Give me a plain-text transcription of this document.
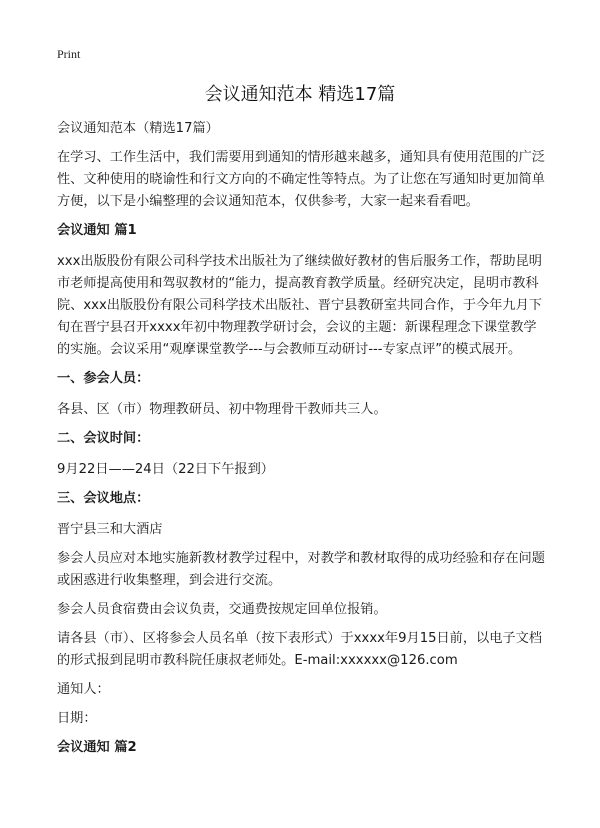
Print
会议通知范本 精选17篇

会议通知范本（精选17篇）

在学习、工作生活中，我们需要用到通知的情形越来越多，通知具有使用范围的广泛性、文种使用的晓谕性和行文方向的不确定性等特点。为了让您在写通知时更加简单方便，以下是小编整理的会议通知范本，仅供参考，大家一起来看看吧。

会议通知 篇1

xxx出版股份有限公司科学技术出版社为了继续做好教材的售后服务工作，帮助昆明市老师提高使用和驾驭教材的“能力，提高教育教学质量。经研究决定，昆明市教科院、xxx出版股份有限公司科学技术出版社、晋宁县教研室共同合作，于今年九月下旬在晋宁县召开xxxx年初中物理教学研讨会，会议的主题：新课程理念下课堂教学的实施。会议采用“观摩课堂教学---与会教师互动研讨---专家点评”的模式展开。

一、参会人员：

各县、区（市）物理教研员、初中物理骨干教师共三人。

二、会议时间：

9月22日——24日（22日下午报到）

三、会议地点：

晋宁县三和大酒店

参会人员应对本地实施新教材教学过程中，对教学和教材取得的成功经验和存在问题或困惑进行收集整理，到会进行交流。

参会人员食宿费由会议负责，交通费按规定回单位报销。

请各县（市）、区将参会人员名单（按下表形式）于xxxx年9月15日前，以电子文档的形式报到昆明市教科院任康叔老师处。E-mail:xxxxxx@126.com

通知人：

日期：

会议通知 篇2
